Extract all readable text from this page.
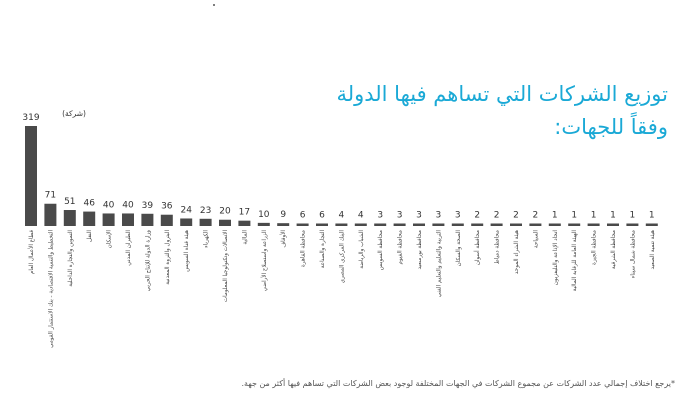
توزيع الشركات التي تساهم فيها الدولة
وفقاً للجهات:
(شركة)
319
قطاع الأعمال العام
71
التخطيط والتنمية الاقتصادية - بنك الاستثمار القومي
51
التموين والتجارة الداخلية
46
النقل
40
الإسكان
40
الطيران المدني
39
وزارة الدولة للإنتاج الحربي
36
البترول والثروة المعدنية
24
هيئة قناة السويس
23
الكهرباء
20
الاتصالات وتكنولوجيا المعلومات
17
المالية
10
الزراعة واستصلاح الأراضي
9
الأوقاف
6
محافظة القاهرة
6
التجارة والصناعة
4
البنك المركزي المصري
4
الشباب والرياضة
3
محافظة السويس
3
محافظة الفيوم
3
محافظة بورسعيد
3
التربية والتعليم والتعليم الفني
3
الصحة والسكان
2
محافظة أسوان
2
محافظة دمياط
2
هيئة الشراء الموحد
2
السياحة
1
اتحاد الإذاعة والتليفزيون
1
الهيئة العامة للرقابة المالية
1
محافظة الجيزة
1
محافظة الشرقية
1
محافظة شمال سيناء
1
هيئة تنمية الصعيد
*يرجع اختلاف إجمالي عدد الشركات عن مجموع الشركات في الجهات المختلفة لوجود بعض الشركات التي تساهم فيها أكثر من جهة.
